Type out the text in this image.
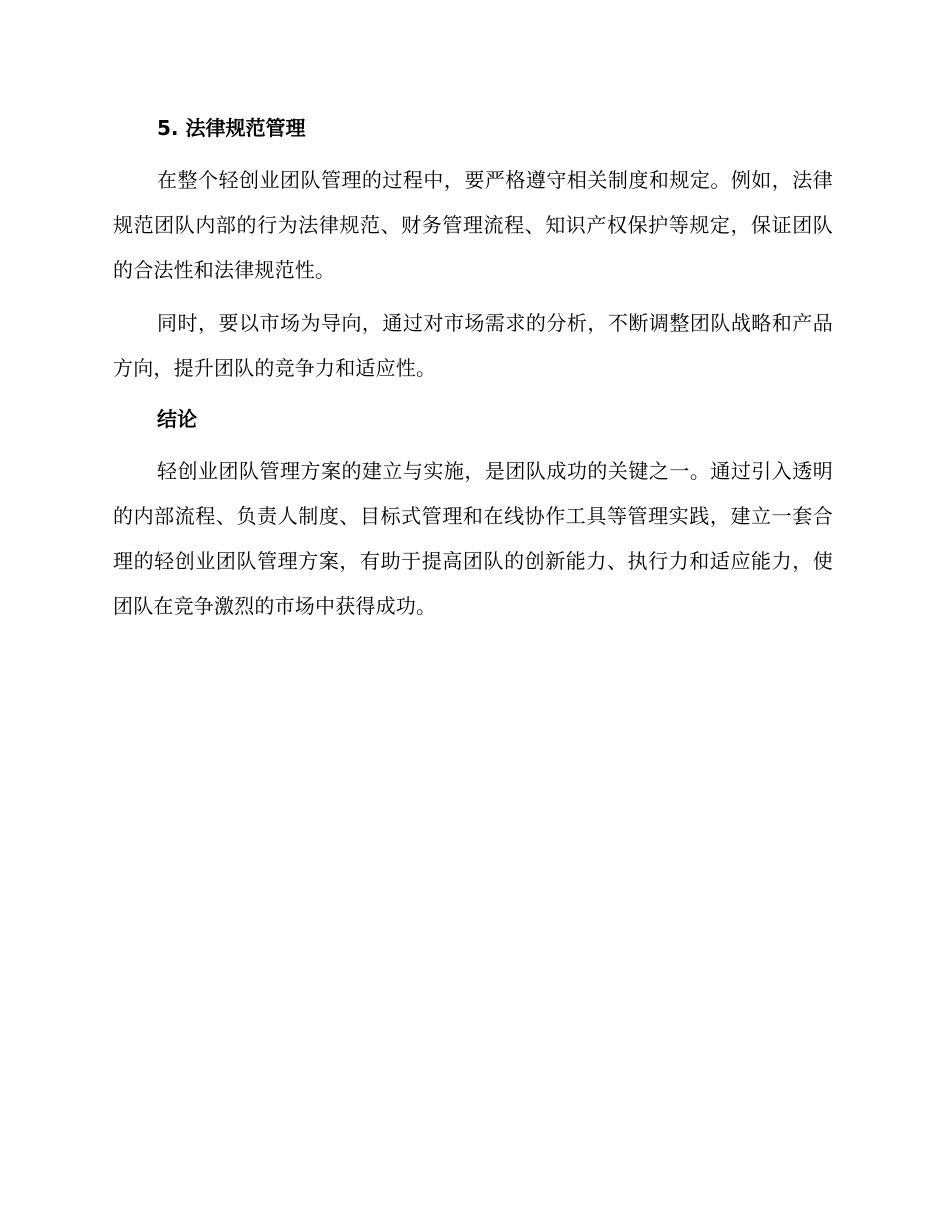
5. 法律规范管理

在整个轻创业团队管理的过程中，要严格遵守相关制度和规定。例如，法律规范团队内部的行为法律规范、财务管理流程、知识产权保护等规定，保证团队的合法性和法律规范性。

同时，要以市场为导向，通过对市场需求的分析，不断调整团队战略和产品方向，提升团队的竞争力和适应性。

结论

轻创业团队管理方案的建立与实施，是团队成功的关键之一。通过引入透明的内部流程、负责人制度、目标式管理和在线协作工具等管理实践，建立一套合理的轻创业团队管理方案，有助于提高团队的创新能力、执行力和适应能力，使团队在竞争激烈的市场中获得成功。
